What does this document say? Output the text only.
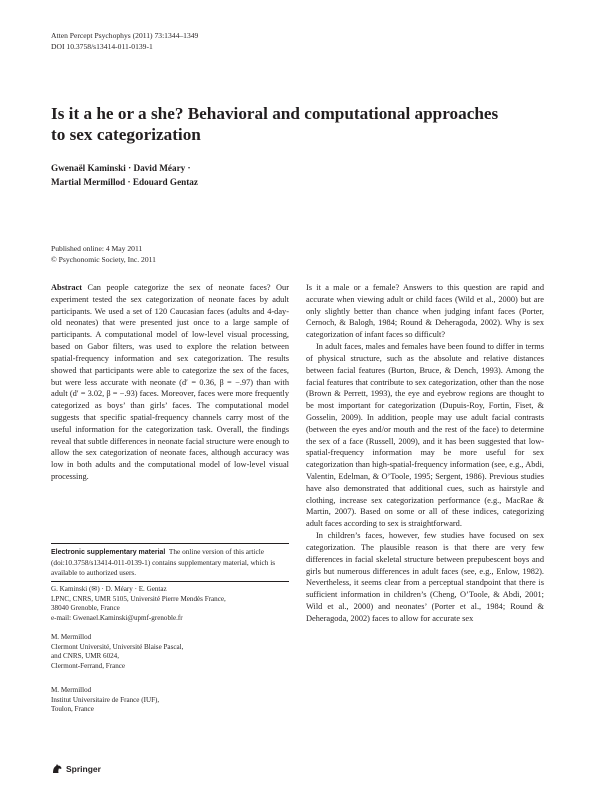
Atten Percept Psychophys (2011) 73:1344–1349
DOI 10.3758/s13414-011-0139-1
Is it a he or a she? Behavioral and computational approaches
to sex categorization
Gwenaël Kaminski · David Méary ·
Martial Mermillod · Edouard Gentaz
Published online: 4 May 2011
© Psychonomic Society, Inc. 2011

Abstract Can people categorize the sex of neonate faces? Our experiment tested the sex categorization of neonate faces by adult participants. We used a set of 120 Caucasian faces (adults and 4-day-old neonates) that were presented just once to a large sample of participants. A computational model of low-level visual processing, based on Gabor filters, was used to explore the relation between spatial-frequency information and sex categorization. The results showed that participants were able to categorize the sex of the faces, but were less accurate with neonate (d′ = 0.36, β = −.97) than with adult (d′ = 3.02, β = −.93) faces. Moreover, faces were more frequently categorized as boys’ than girls’ faces. The computational model suggests that specific spatial-frequency channels carry most of the useful information for the categorization task. Overall, the findings reveal that subtle differences in neonate facial structure were enough to allow the sex categorization of neonate faces, although accuracy was low in both adults and the computational model of low-level visual processing.

Electronic supplementary material The online version of this article (doi:10.3758/s13414-011-0139-1) contains supplementary material, which is available to authorized users.
G. Kaminski (✉) · D. Méary · E. Gentaz
LPNC, CNRS, UMR 5105, Université Pierre Mendès France,
38040 Grenoble, France
e-mail: Gwenael.Kaminski@upmf-grenoble.fr
M. Mermillod
Clermont Université, Université Blaise Pascal,
and CNRS, UMR 6024,
Clermont-Ferrand, France
M. Mermillod
Institut Universitaire de France (IUF),
Toulon, France

Is it a male or a female? Answers to this question are rapid and accurate when viewing adult or child faces (Wild et al., 2000) but are only slightly better than chance when judging infant faces (Porter, Cernoch, & Balogh, 1984; Round & Deheragoda, 2002). Why is sex categorization of infant faces so difficult?

In adult faces, males and females have been found to differ in terms of physical structure, such as the absolute and relative distances between facial features (Burton, Bruce, & Dench, 1993). Among the facial features that contribute to sex categorization, other than the nose (Brown & Perrett, 1993), the eye and eyebrow regions are thought to be most important for categorization (Dupuis-Roy, Fortin, Fiset, & Gosselin, 2009). In addition, people may use adult facial contrasts (between the eyes and/or mouth and the rest of the face) to determine the sex of a face (Russell, 2009), and it has been suggested that low-spatial-frequency information may be more useful for sex categorization than high-spatial-frequency information (see, e.g., Abdi, Valentin, Edelman, & O’Toole, 1995; Sergent, 1986). Previous studies have also demonstrated that additional cues, such as hairstyle and clothing, increase sex categorization performance (e.g., MacRae & Martin, 2007). Based on some or all of these indices, categorizing adult faces according to sex is straightforward.

In children’s faces, however, few studies have focused on sex categorization. The plausible reason is that there are very few differences in facial skeletal structure between prepubescent boys and girls but numerous differences in adult faces (see, e.g., Enlow, 1982). Nevertheless, it seems clear from a perceptual standpoint that there is sufficient information in children’s (Cheng, O’Toole, & Abdi, 2001; Wild et al., 2000) and neonates’ (Porter et al., 1984; Round & Deheragoda, 2002) faces to allow for accurate sex

Springer
